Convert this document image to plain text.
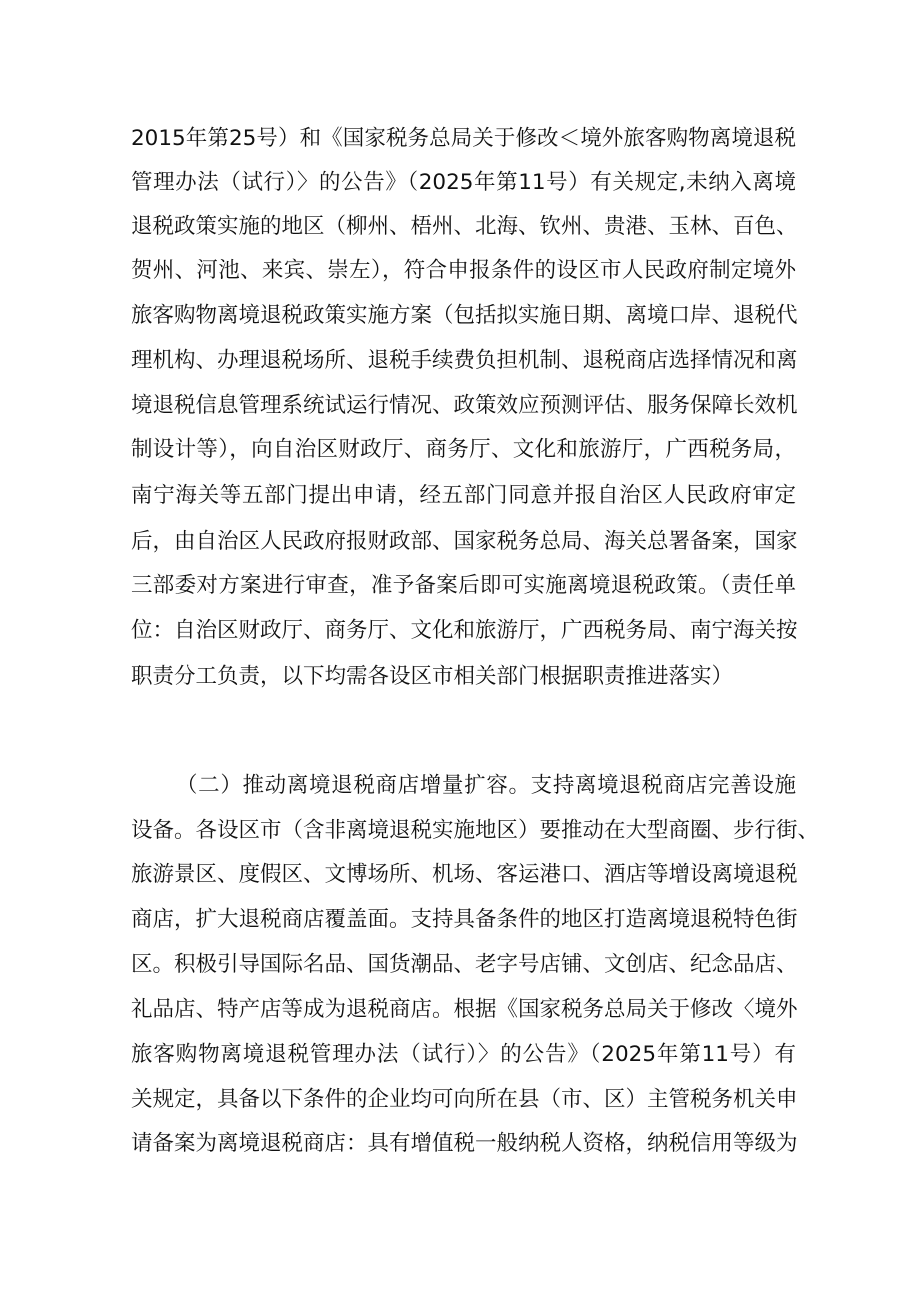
2015年第25号）和《国家税务总局关于修改＜境外旅客购物离境退税
管理办法（试行）〉的公告》（2025年第11号）有关规定,未纳入离境
退税政策实施的地区（柳州、梧州、北海、钦州、贵港、玉林、百色、
贺州、河池、来宾、崇左），符合申报条件的设区市人民政府制定境外
旅客购物离境退税政策实施方案（包括拟实施日期、离境口岸、退税代
理机构、办理退税场所、退税手续费负担机制、退税商店选择情况和离
境退税信息管理系统试运行情况、政策效应预测评估、服务保障长效机
制设计等），向自治区财政厅、商务厅、文化和旅游厅，广西税务局，
南宁海关等五部门提出申请，经五部门同意并报自治区人民政府审定
后，由自治区人民政府报财政部、国家税务总局、海关总署备案，国家
三部委对方案进行审查，准予备案后即可实施离境退税政策。（责任单
位：自治区财政厅、商务厅、文化和旅游厅，广西税务局、南宁海关按
职责分工负责，以下均需各设区市相关部门根据职责推进落实）
（二）推动离境退税商店增量扩容。支持离境退税商店完善设施
设备。各设区市（含非离境退税实施地区）要推动在大型商圈、步行街、
旅游景区、度假区、文博场所、机场、客运港口、酒店等增设离境退税
商店，扩大退税商店覆盖面。支持具备条件的地区打造离境退税特色街
区。积极引导国际名品、国货潮品、老字号店铺、文创店、纪念品店、
礼品店、特产店等成为退税商店。根据《国家税务总局关于修改〈境外
旅客购物离境退税管理办法（试行）〉的公告》（2025年第11号）有
关规定，具备以下条件的企业均可向所在县（市、区）主管税务机关申
请备案为离境退税商店：具有增值税一般纳税人资格，纳税信用等级为
